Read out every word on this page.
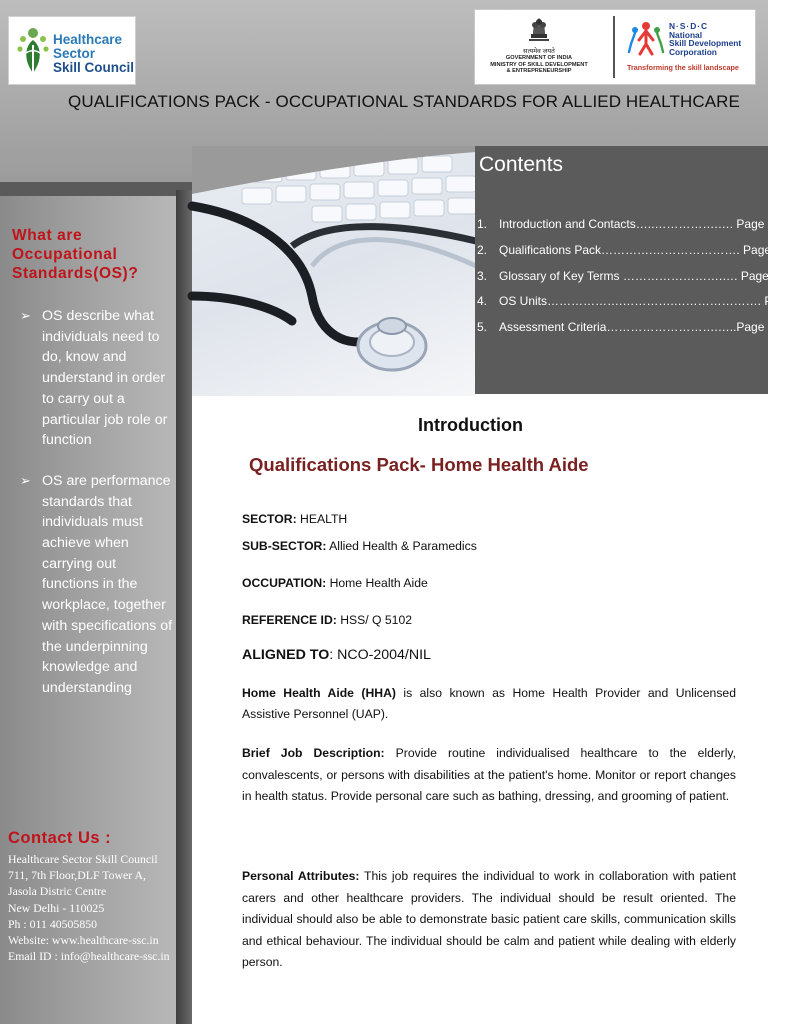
Healthcare
Sector
Skill Council
सत्यमेव जयते
GOVERNMENT OF INDIA
MINISTRY OF SKILL DEVELOPMENT
& ENTREPRENEURSHIP
N·S·D·C
National
Skill Development
Corporation
Transforming the skill landscape
QUALIFICATIONS PACK - OCCUPATIONAL STANDARDS FOR ALLIED HEALTHCARE
What are
Occupational
Standards(OS)?
➢ OS describe what individuals need to do, know and understand in order to carry out a particular job role or function
➢ OS are performance standards that individuals must achieve when carrying out functions in the workplace, together with specifications of the underpinning knowledge and understanding
Contact Us :
Healthcare Sector Skill Council
711, 7th Floor,DLF Tower A,
Jasola Distric Centre
New Delhi - 110025
Ph : 011 40505850
Website: www.healthcare-ssc.in
Email ID : info@healthcare-ssc.in
Contents
1. Introduction and Contacts…..…………….…. Page 1
2. Qualifications Pack………….…………………. Page 2
3. Glossary of Key Terms …………………….…. Page 4
4. OS Units……………….………….…………………. Page 6
5. Assessment Criteria……………………….…..Page 85
Introduction
Qualifications Pack- Home Health Aide
SECTOR: HEALTH
SUB-SECTOR: Allied Health & Paramedics
OCCUPATION: Home Health Aide
REFERENCE ID: HSS/ Q 5102
ALIGNED TO: NCO-2004/NIL
Home Health Aide (HHA) is also known as Home Health Provider and Unlicensed Assistive Personnel (UAP).
Brief Job Description: Provide routine individualised healthcare to the elderly, convalescents, or persons with disabilities at the patient's home. Monitor or report changes in health status. Provide personal care such as bathing, dressing, and grooming of patient.
Personal Attributes: This job requires the individual to work in collaboration with patient carers and other healthcare providers. The individual should be result oriented. The individual should also be able to demonstrate basic patient care skills, communication skills and ethical behaviour. The individual should be calm and patient while dealing with elderly person.
